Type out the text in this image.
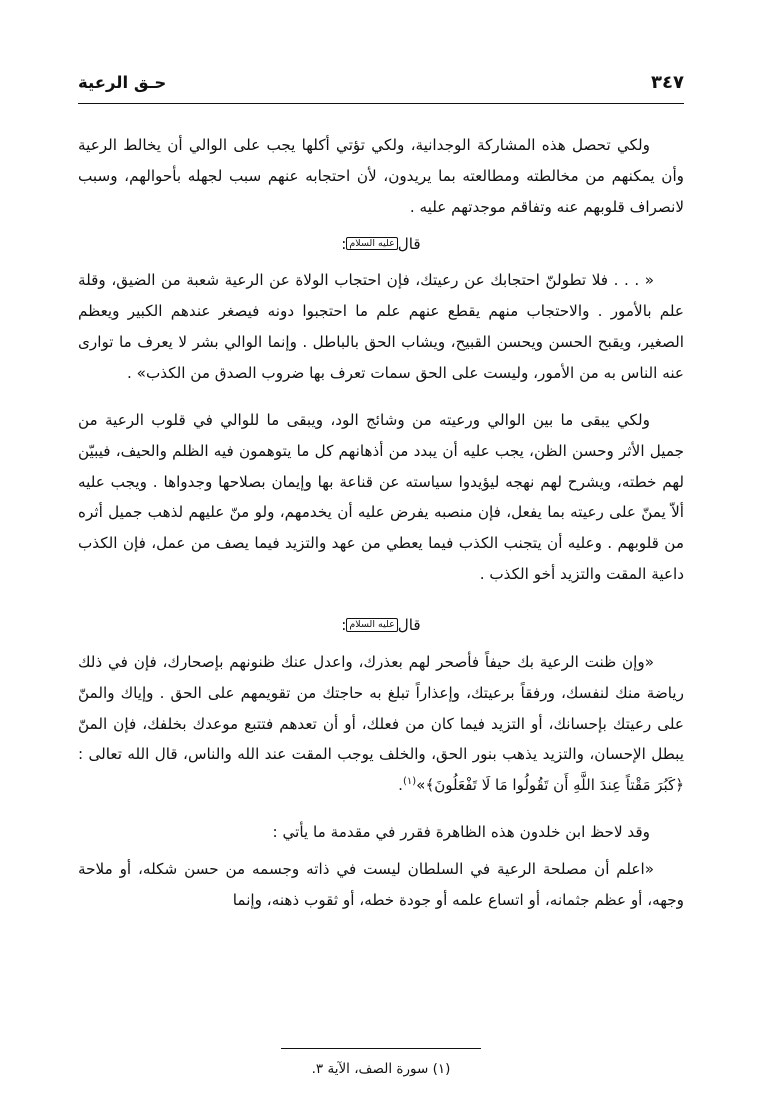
حـق الرعية	٣٤٧

ولكي تحصل هذه المشاركة الوجدانية، ولكي تؤتي أكلها يجب على الوالي أن يخالط الرعية وأن يمكنهم من مخالطته ومطالعته بما يريدون، لأن احتجابه عنهم سبب لجهله بأحوالهم، وسبب لانصراف قلوبهم عنه وتفاقم موجدتهم عليه .

قالعليه السلام:

« . . . فلا تطولنّ احتجابك عن رعيتك، فإن احتجاب الولاة عن الرعية شعبة من الضيق، وقلة علم بالأمور . والاحتجاب منهم يقطع عنهم علم ما احتجبوا دونه فيصغر عندهم الكبير ويعظم الصغير، ويقبح الحسن ويحسن القبيح، ويشاب الحق بالباطل . وإنما الوالي بشر لا يعرف ما توارى عنه الناس به من الأمور، وليست على الحق سمات تعرف بها ضروب الصدق من الكذب» .

ولكي يبقى ما بين الوالي ورعيته من وشائج الود، ويبقى ما للوالي في قلوب الرعية من جميل الأثر وحسن الظن، يجب عليه أن يبدد من أذهانهم كل ما يتوهمون فيه الظلم والحيف، فيبيّن لهم خطته، ويشرح لهم نهجه ليؤيدوا سياسته عن قناعة بها وإيمان بصلاحها وجدواها . ويجب عليه ألاّ يمنّ على رعيته بما يفعل، فإن منصبه يفرض عليه أن يخدمهم، ولو منّ عليهم لذهب جميل أثره من قلوبهم . وعليه أن يتجنب الكذب فيما يعطي من عهد والتزيد فيما يصف من عمل، فإن الكذب داعية المقت والتزيد أخو الكذب .

قالعليه السلام:

«وإن ظنت الرعية بك حيفاً فأصحر لهم بعذرك، واعدل عنك ظنونهم بإصحارك، فإن في ذلك رياضة منك لنفسك، ورفقاً برعيتك، وإعذاراً تبلغ به حاجتك من تقويمهم على الحق . وإياك والمنّ على رعيتك بإحسانك، أو التزيد فيما كان من فعلك، أو أن تعدهم فتتبع موعدك بخلفك، فإن المنّ يبطل الإحسان، والتزيد يذهب بنور الحق، والخلف يوجب المقت عند الله والناس، قال الله تعالى : ﴿كَبُرَ مَقْتاً عِندَ اللَّهِ أَن تَقُولُوا مَا لَا تَفْعَلُونَ﴾»$^{(١)}$.

وقد لاحظ ابن خلدون هذه الظاهرة فقرر في مقدمة ما يأتي :

«اعلم أن مصلحة الرعية في السلطان ليست في ذاته وجسمه من حسن شكله، أو ملاحة وجهه، أو عظم جثمانه، أو اتساع علمه أو جودة خطه، أو ثقوب ذهنه، وإنما

(١) سورة الصف، الآية ٣.
